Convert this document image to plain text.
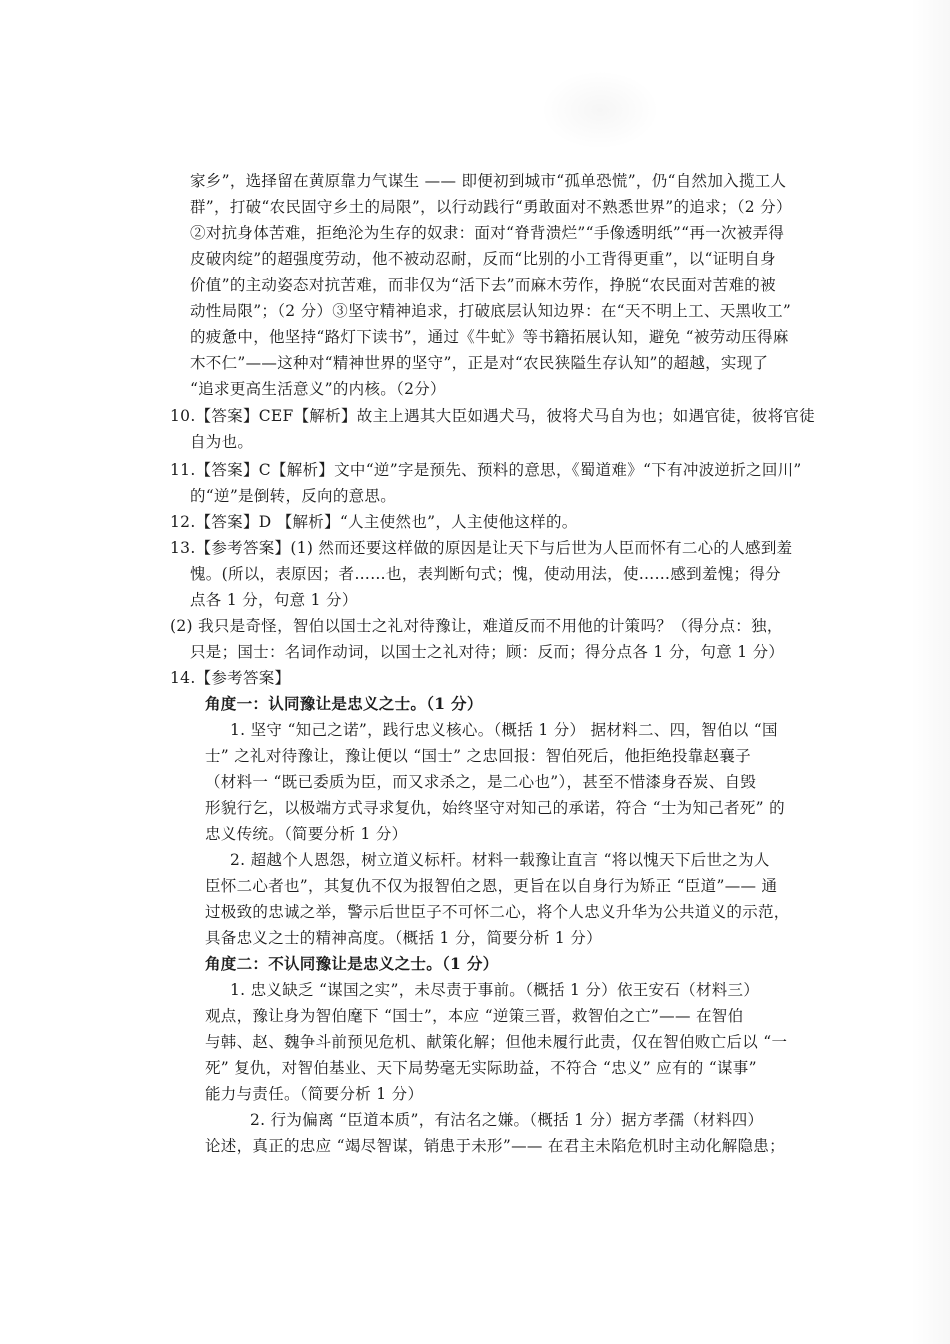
家乡”，选择留在黄原靠力气谋生 —— 即便初到城市“孤单恐慌”，仍“自然加入揽工人
群”，打破“农民固守乡土的局限”，以行动践行“勇敢面对不熟悉世界”的追求；（2 分）
②对抗身体苦难，拒绝沦为生存的奴隶：面对“脊背溃烂”“手像透明纸”“再一次被弄得
皮破肉绽”的超强度劳动，他不被动忍耐，反而“比别的小工背得更重”，以“证明自身
价值”的主动姿态对抗苦难，而非仅为“活下去”而麻木劳作，挣脱“农民面对苦难的被
动性局限”；（2 分）③坚守精神追求，打破底层认知边界：在“天不明上工、天黑收工”
的疲惫中，他坚持“路灯下读书”，通过《牛虻》等书籍拓展认知，避免 “被劳动压得麻
木不仁”——这种对“精神世界的坚守”，正是对“农民狭隘生存认知”的超越，实现了
“追求更高生活意义”的内核。（2分）
10.【答案】CEF【解析】故主上遇其大臣如遇犬马，彼将犬马自为也；如遇官徒，彼将官徒
自为也。
11.【答案】C【解析】文中“逆”字是预先、预料的意思，《蜀道难》“下有冲波逆折之回川”
的“逆”是倒转，反向的意思。
12.【答案】D 【解析】“人主使然也”，人主使他这样的。
13.【参考答案】(1) 然而还要这样做的原因是让天下与后世为人臣而怀有二心的人感到羞
愧。(所以，表原因；者……也，表判断句式；愧，使动用法，使……感到羞愧；得分
点各 1 分，句意 1 分）
(2) 我只是奇怪，智伯以国士之礼对待豫让，难道反而不用他的计策吗？（得分点：独，
只是；国士：名词作动词，以国士之礼对待；顾：反而；得分点各 1 分，句意 1 分）
14.【参考答案】
角度一：认同豫让是忠义之士。（1 分）
1. 坚守 “知己之诺”，践行忠义核心。（概括 1 分） 据材料二、四，智伯以 “国
士” 之礼对待豫让，豫让便以 “国士” 之忠回报：智伯死后，他拒绝投靠赵襄子
（材料一 “既已委质为臣，而又求杀之，是二心也”），甚至不惜漆身吞炭、自毁
形貌行乞，以极端方式寻求复仇，始终坚守对知己的承诺，符合 “士为知己者死” 的
忠义传统。（简要分析 1 分）
2. 超越个人恩怨，树立道义标杆。材料一载豫让直言 “将以愧天下后世之为人
臣怀二心者也”，其复仇不仅为报智伯之恩，更旨在以自身行为矫正 “臣道”—— 通
过极致的忠诚之举，警示后世臣子不可怀二心，将个人忠义升华为公共道义的示范，
具备忠义之士的精神高度。（概括 1 分，简要分析 1 分）
角度二：不认同豫让是忠义之士。（1 分）
1. 忠义缺乏 “谋国之实”，未尽责于事前。（概括 1 分）依王安石（材料三）
观点，豫让身为智伯麾下 “国士”，本应 “逆策三晋，救智伯之亡”—— 在智伯
与韩、赵、魏争斗前预见危机、献策化解；但他未履行此责，仅在智伯败亡后以 “一
死” 复仇，对智伯基业、天下局势毫无实际助益，不符合 “忠义” 应有的 “谋事”
能力与责任。（简要分析 1 分）
2. 行为偏离 “臣道本质”，有沽名之嫌。（概括 1 分）据方孝孺（材料四）
论述，真正的忠应 “竭尽智谋，销患于未形”—— 在君主未陷危机时主动化解隐患；
